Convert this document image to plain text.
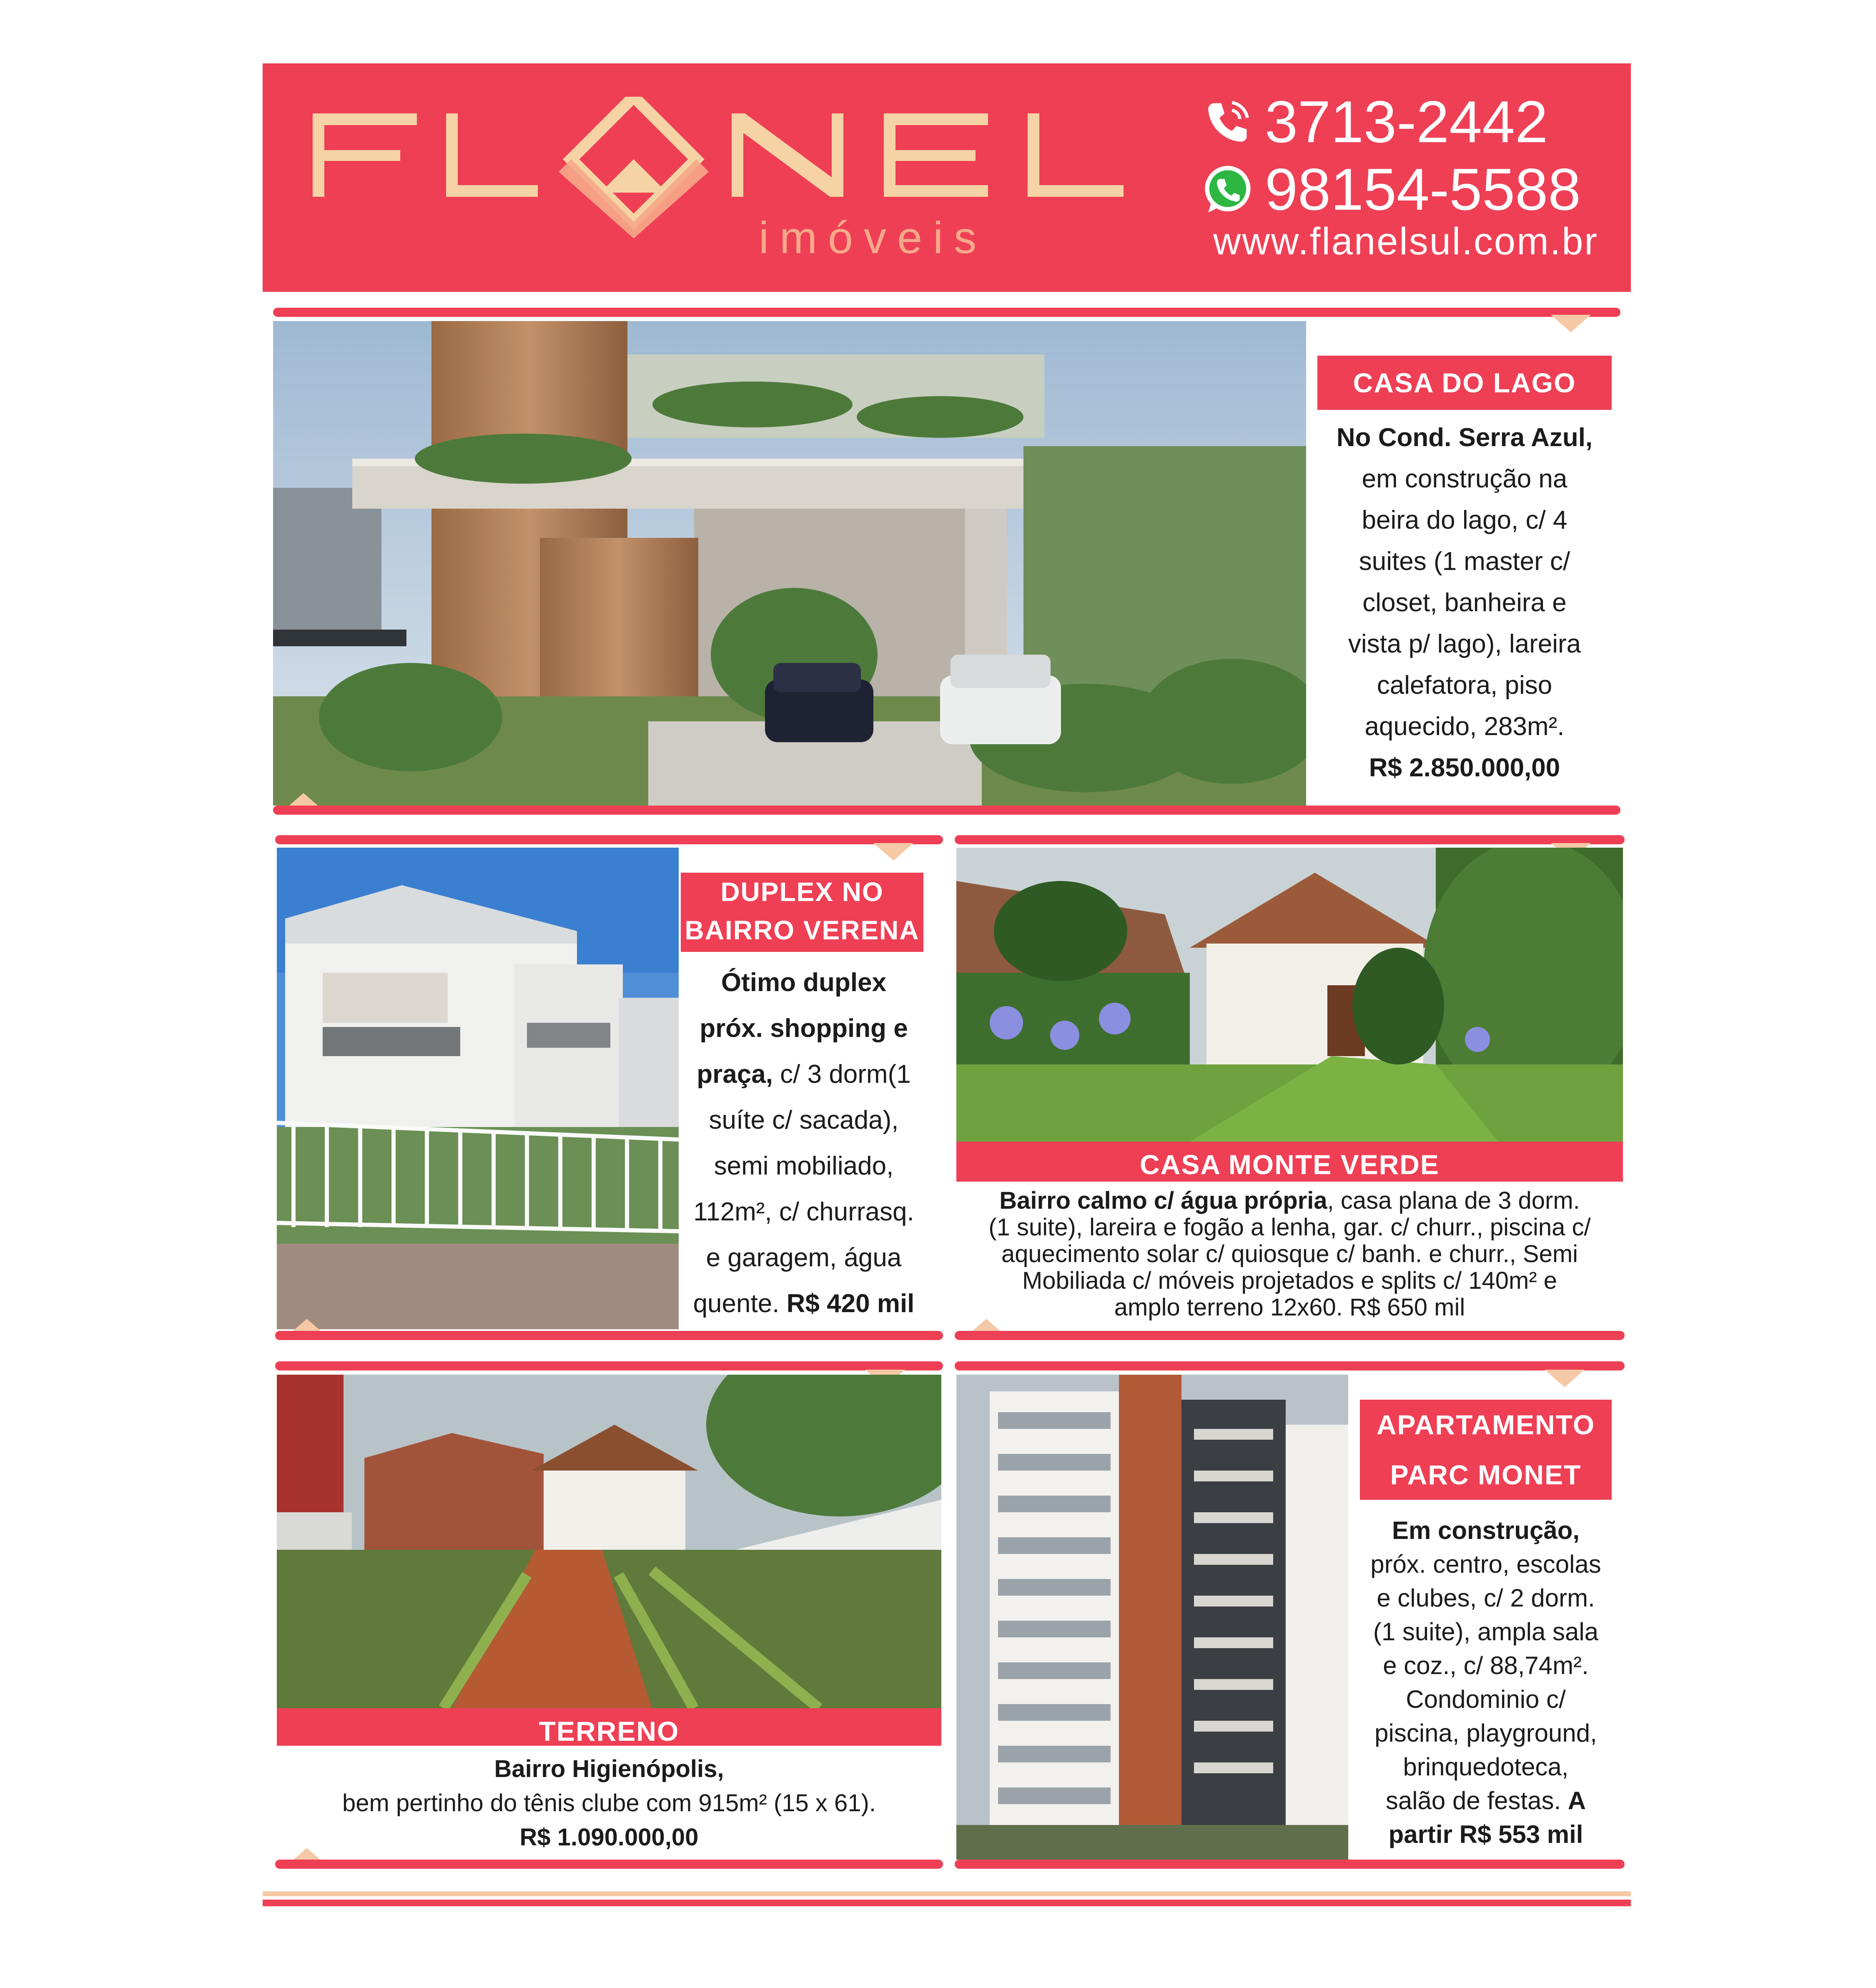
imóveis
3713-2442
98154-5588
www.flanelsul.com.br
CASA DO LAGO
No Cond. Serra Azul,
em construção na
beira do lago, c/ 4
suites (1 master c/
closet, banheira e
vista p/ lago), lareira
calefatora, piso
aquecido, 283m².
R$ 2.850.000,00
DUPLEX NO
BAIRRO VERENA
Ótimo duplex
próx. shopping e
praça, c/ 3 dorm(1
suíte c/ sacada),
semi mobiliado,
112m², c/ churrasq.
e garagem, água
quente. R$ 420 mil
CASA MONTE VERDE
Bairro calmo c/ água própria, casa plana de 3 dorm.
(1 suite), lareira e fogão a lenha, gar. c/ churr., piscina c/
aquecimento solar c/ quiosque c/ banh. e churr., Semi
Mobiliada c/ móveis projetados e splits c/ 140m² e
amplo terreno 12x60. R$ 650 mil
TERRENO
Bairro Higienópolis,
bem pertinho do tênis clube com 915m² (15 x 61).
R$ 1.090.000,00
APARTAMENTO
PARC MONET
Em construção,
próx. centro, escolas
e clubes, c/ 2 dorm.
(1 suite), ampla sala
e coz., c/ 88,74m².
Condominio c/
piscina, playground,
brinquedoteca,
salão de festas. A
partir R$ 553 mil
